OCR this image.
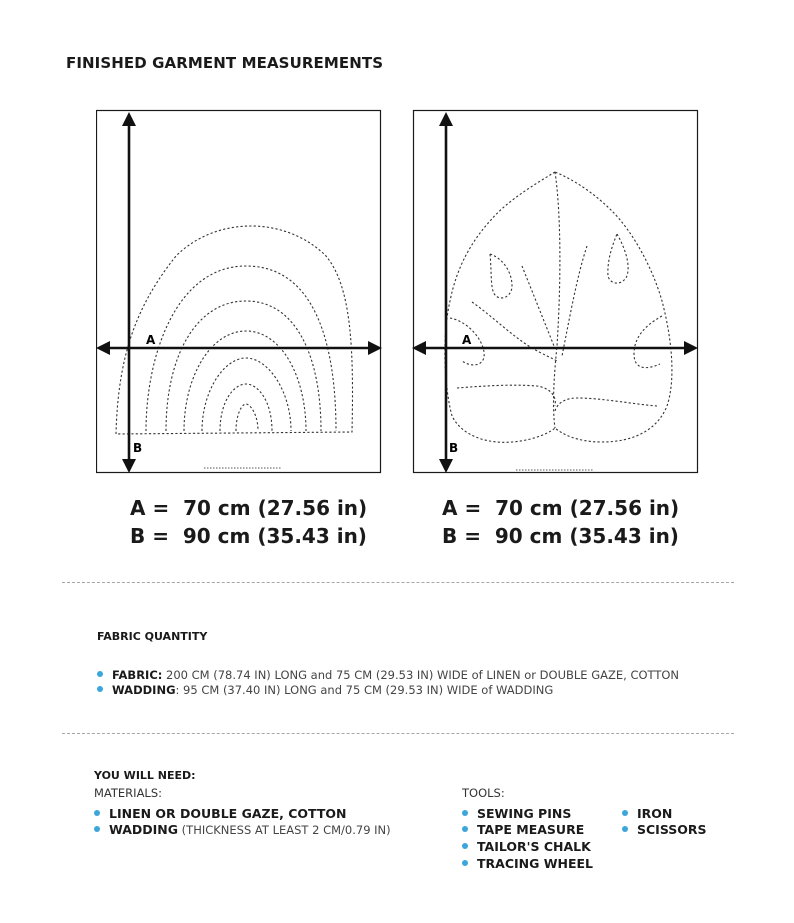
FINISHED GARMENT MEASUREMENTS
A
B
A
B
A =  70 cm (27.56 in)
B =  90 cm (35.43 in)
A =  70 cm (27.56 in)
B =  90 cm (35.43 in)
FABRIC QUANTITY
FABRIC: 200 CM (78.74 IN) LONG and 75 CM (29.53 IN) WIDE of LINEN or DOUBLE GAZE, COTTON
WADDING: 95 CM (37.40 IN) LONG and 75 CM (29.53 IN) WIDE of WADDING
YOU WILL NEED:
MATERIALS:
LINEN OR DOUBLE GAZE, COTTON
WADDING (THICKNESS AT LEAST 2 CM/0.79 IN)
TOOLS:
SEWING PINS
TAPE MEASURE
TAILOR'S CHALK
TRACING WHEEL
IRON
SCISSORS
